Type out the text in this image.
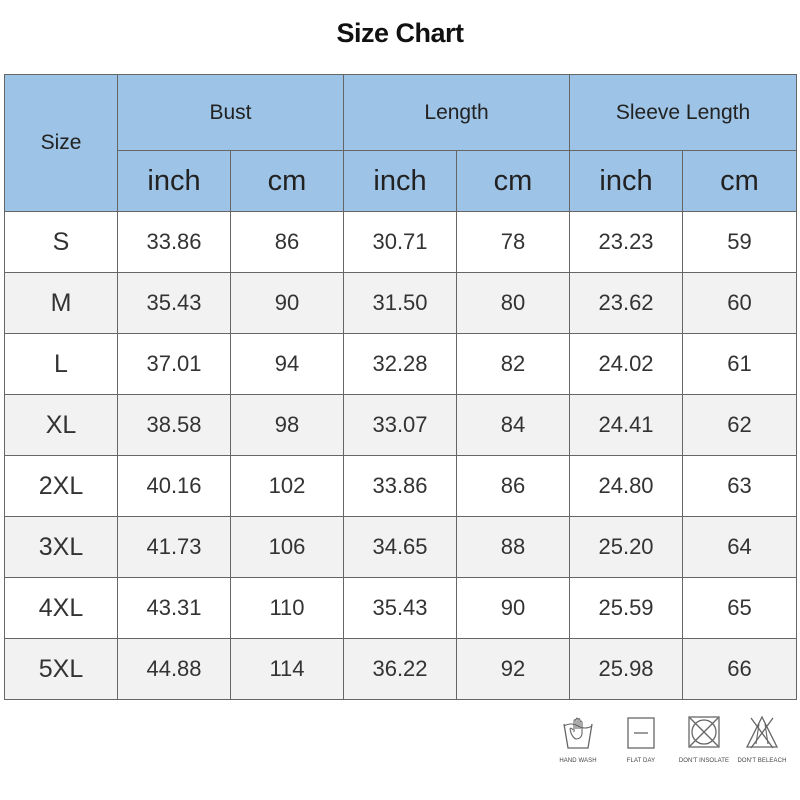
Size Chart
Size	Bust		Length		Sleeve Length	
	inch	cm	inch	cm	inch	cm
S	33.86	86	30.71	78	23.23	59
M	35.43	90	31.50	80	23.62	60
L	37.01	94	32.28	82	24.02	61
XL	38.58	98	33.07	84	24.41	62
2XL	40.16	102	33.86	86	24.80	63
3XL	41.73	106	34.65	88	25.20	64
4XL	43.31	110	35.43	90	25.59	65
5XL	44.88	114	36.22	92	25.98	66
HAND WASH	FLAT DAY	DON'T INSOLATE	DON'T BELEACH
